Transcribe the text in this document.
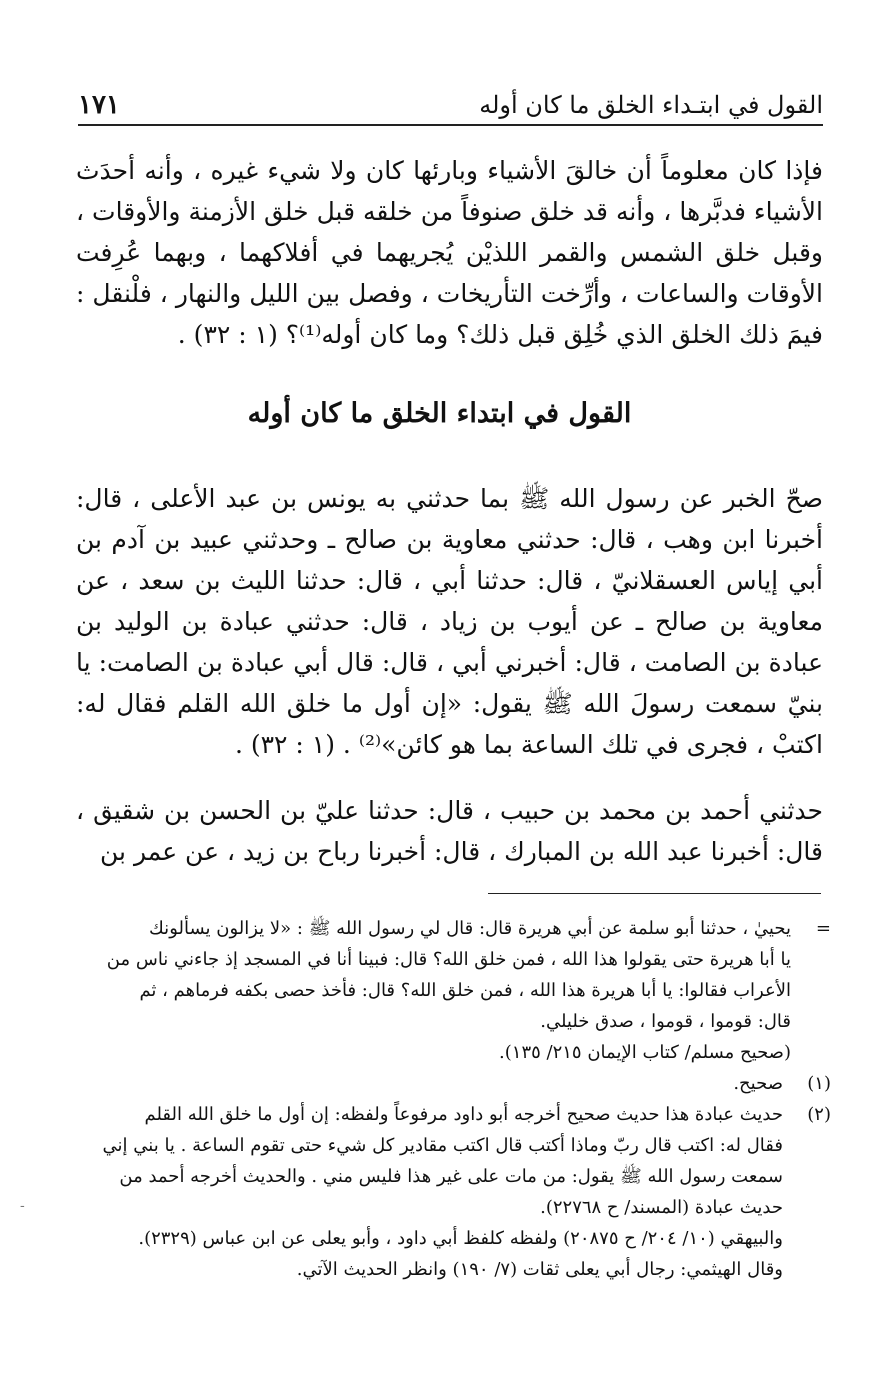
القول في ابتـداء الخلق ما كان أوله
١٧١

فإذا كان معلوماً أن خالقَ الأشياء وبارئها كان ولا شيء غيره ، وأنه أحدَث الأشياء فدبَّرها ، وأنه قد خلق صنوفاً من خلقه قبل خلق الأزمنة والأوقات ، وقبل خلق الشمس والقمر اللذيْن يُجريهما في أفلاكهما ، وبهما عُرِفت الأوقات والساعات ، وأرِّخت التأريخات ، وفصل بين الليل والنهار ، فلْنقل : فيمَ ذلك الخلق الذي خُلِق قبل ذلك؟ وما كان أوله⁽¹⁾؟ (١ : ٣٢) .

القول في ابتداء الخلق ما كان أوله

صحّ الخبر عن رسول الله ﷺ بما حدثني به يونس بن عبد الأعلى ، قال: أخبرنا ابن وهب ، قال: حدثني معاوية بن صالح ـ وحدثني عبيد بن آدم بن أبي إياس العسقلانيّ ، قال: حدثنا أبي ، قال: حدثنا الليث بن سعد ، عن معاوية بن صالح ـ عن أيوب بن زياد ، قال: حدثني عبادة بن الوليد بن عبادة بن الصامت ، قال: أخبرني أبي ، قال: قال أبي عبادة بن الصامت: يا بنيّ سمعت رسولَ الله ﷺ يقول: «إن أول ما خلق الله القلم فقال له: اكتبْ ، فجرى في تلك الساعة بما هو كائن»⁽²⁾ . (١ : ٣٢) .

حدثني أحمد بن محمد بن حبيب ، قال: حدثنا عليّ بن الحسن بن شقيق ، قال: أخبرنا عبد الله بن المبارك ، قال: أخبرنا رباح بن زيد ، عن عمر بن

=
يحييٰ ، حدثنا أبو سلمة عن أبي هريرة قال: قال لي رسول الله ﷺ : «لا يزالون يسألونك
يا أبا هريرة حتى يقولوا هذا الله ، فمن خلق الله؟ قال: فبينا أنا في المسجد إذ جاءني ناس من
الأعراب فقالوا: يا أبا هريرة هذا الله ، فمن خلق الله؟ قال: فأخذ حصى بكفه فرماهم ، ثم
قال: قوموا ، قوموا ، صدق خليلي.
(صحيح مسلم/ كتاب الإيمان ٢١٥/ ١٣٥).
(١)
صحيح.
(٢)
حديث عبادة هذا حديث صحيح أخرجه أبو داود مرفوعاً ولفظه: إن أول ما خلق الله القلم
فقال له: اكتب قال ربّ وماذا أكتب قال اكتب مقادير كل شيء حتى تقوم الساعة . يا بني إني
سمعت رسول الله ﷺ يقول: من مات على غير هذا فليس مني . والحديث أخرجه أحمد من
حديث عبادة (المسند/ ح ٢٢٧٦٨).
والبيهقي (١٠/ ٢٠٤/ ح ٢٠٨٧٥) ولفظه كلفظ أبي داود ، وأبو يعلى عن ابن عباس (٢٣٢٩).
وقال الهيثمي: رجال أبي يعلى ثقات (٧/ ١٩٠) وانظر الحديث الآتي.
-
